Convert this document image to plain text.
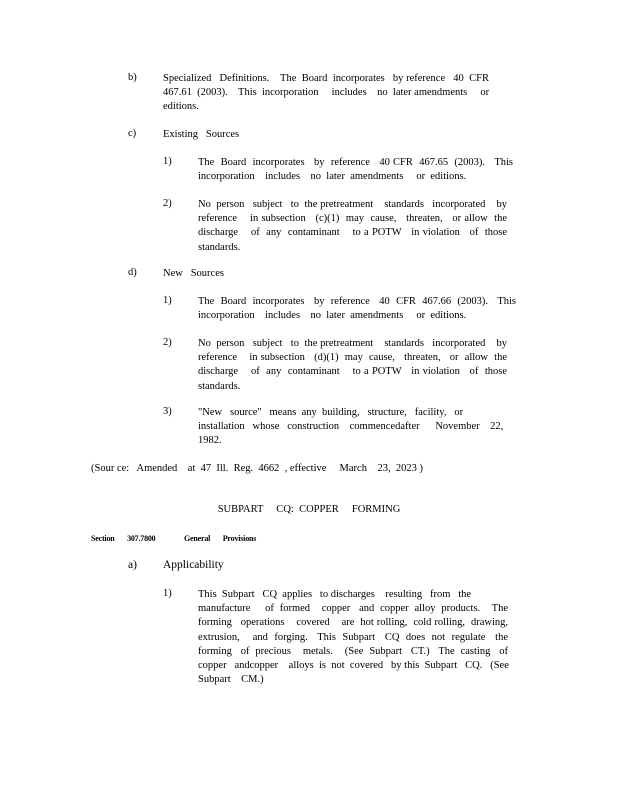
b)	Specialized   Definitions.    The  Board  incorporates   by reference   40  CFR
467.61  (2003).    This  incorporation     includes    no  later amendments     or
editions.
c)	Existing   Sources
1)	The  Board  incorporates   by  reference   40 CFR  467.65  (2003).   This
incorporation    includes    no  later  amendments     or  editions.
2)	No  person   subject   to  the pretreatment    standards   incorporated    by
reference    in subsection   (c)(1)  may  cause,   threaten,   or allow  the
discharge    of  any  contaminant    to a POTW   in violation   of  those
standards.
d)	New   Sources
1)	The  Board  incorporates   by  reference   40  CFR  467.66  (2003).   This
incorporation    includes    no  later  amendments     or  editions.
2)	No  person   subject   to  the pretreatment    standards   incorporated    by
reference    in subsection   (d)(1)  may  cause,   threaten,   or  allow  the
discharge    of  any  contaminant    to a POTW   in violation   of  those
standards.
3)	"New   source"   means  any  building,   structure,   facility,   or
installation   whose   construction    commencedafter      November    22,
1982.
(Sour ce:   Amended    at  47  Ill.  Reg.  4662  , effective     March    23,  2023 )
SUBPART     CQ:  COPPER     FORMING
Section       307.7800	General       Provisions
a) Applicability
1)	This  Subpart   CQ  applies   to discharges    resulting   from   the
manufacture     of  formed    copper   and  copper  alloy  products.    The
forming   operations    covered    are  hot rolling,  cold rolling,  drawing,
extrusion,    and  forging.   This  Subpart   CQ  does  not  regulate   the
forming   of  precious    metals.    (See  Subpart   CT.)   The  casting   of
copper   andcopper    alloys  is  not  covered   by this  Subpart   CQ.   (See
Subpart    CM.)
